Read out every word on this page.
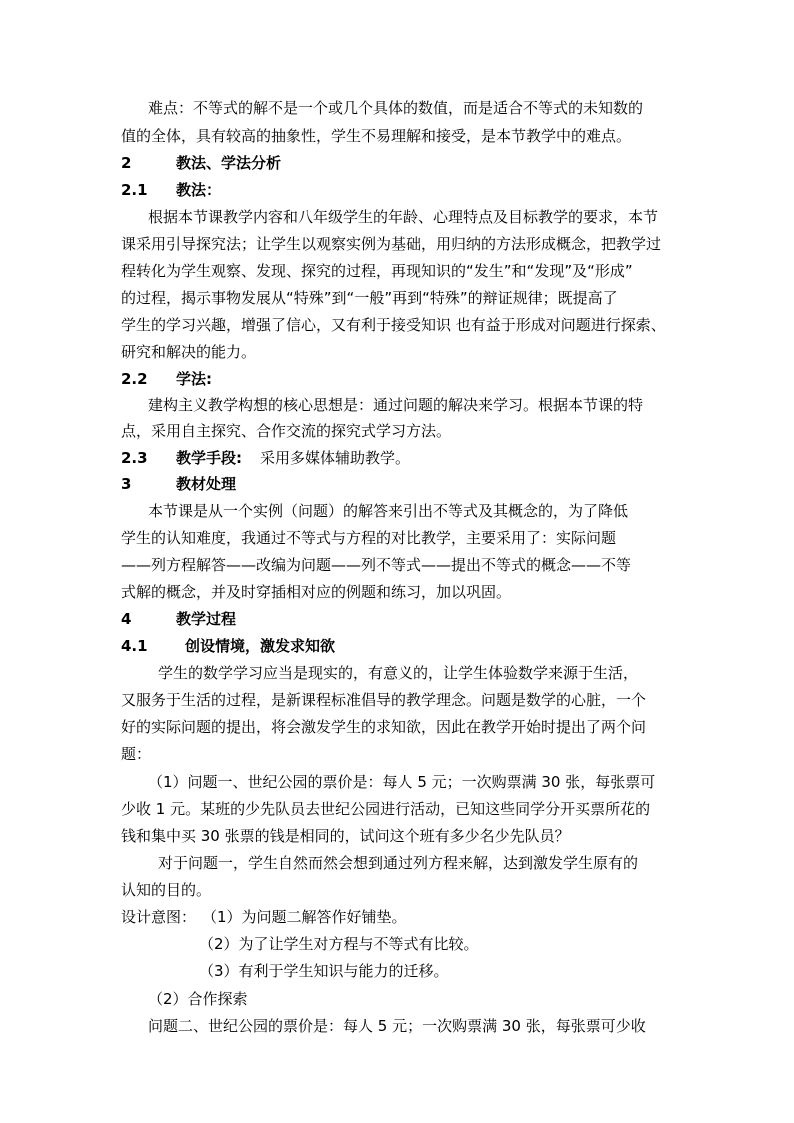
难点：不等式的解不是一个或几个具体的数值，而是适合不等式的未知数的
值的全体，具有较高的抽象性，学生不易理解和接受，是本节教学中的难点。
2	教法、学法分析
2.1 教法：
根据本节课教学内容和八年级学生的年龄、心理特点及目标教学的要求，本节
课采用引导探究法；让学生以观察实例为基础，用归纳的方法形成概念，把教学过
程转化为学生观察、发现、探究的过程，再现知识的“发生”和“发现”及“形成”
的过程，揭示事物发展从“特殊”到“一般”再到“特殊”的辩证规律；既提高了
学生的学习兴趣，增强了信心，又有利于接受知识 也有益于形成对问题进行探索、
研究和解决的能力。
2.2 学法:
建构主义教学构想的核心思想是：通过问题的解决来学习。根据本节课的特
点，采用自主探究、合作交流的探究式学习方法。
2.3 教学手段: 采用多媒体辅助教学。
3	教材处理
本节课是从一个实例（问题）的解答来引出不等式及其概念的，为了降低
学生的认知难度，我通过不等式与方程的对比教学，主要采用了：实际问题
——列方程解答——改编为问题——列不等式——提出不等式的概念——不等
式解的概念，并及时穿插相对应的例题和练习，加以巩固。
4	教学过程
4.1 创设情境，激发求知欲
学生的数学学习应当是现实的，有意义的，让学生体验数学来源于生活，
又服务于生活的过程，是新课程标准倡导的教学理念。问题是数学的心脏，一个
好的实际问题的提出，将会激发学生的求知欲，因此在教学开始时提出了两个问
题：
（1）问题一、世纪公园的票价是：每人 5 元；一次购票满 30 张，每张票可
少收 1 元。某班的少先队员去世纪公园进行活动，已知这些同学分开买票所花的
钱和集中买 30 张票的钱是相同的，试问这个班有多少名少先队员？
对于问题一，学生自然而然会想到通过列方程来解，达到激发学生原有的
认知的目的。
设计意图： （1）为问题二解答作好铺垫。
（2）为了让学生对方程与不等式有比较。
（3）有利于学生知识与能力的迁移。
（2）合作探索
问题二、世纪公园的票价是：每人 5 元；一次购票满 30 张，每张票可少收
